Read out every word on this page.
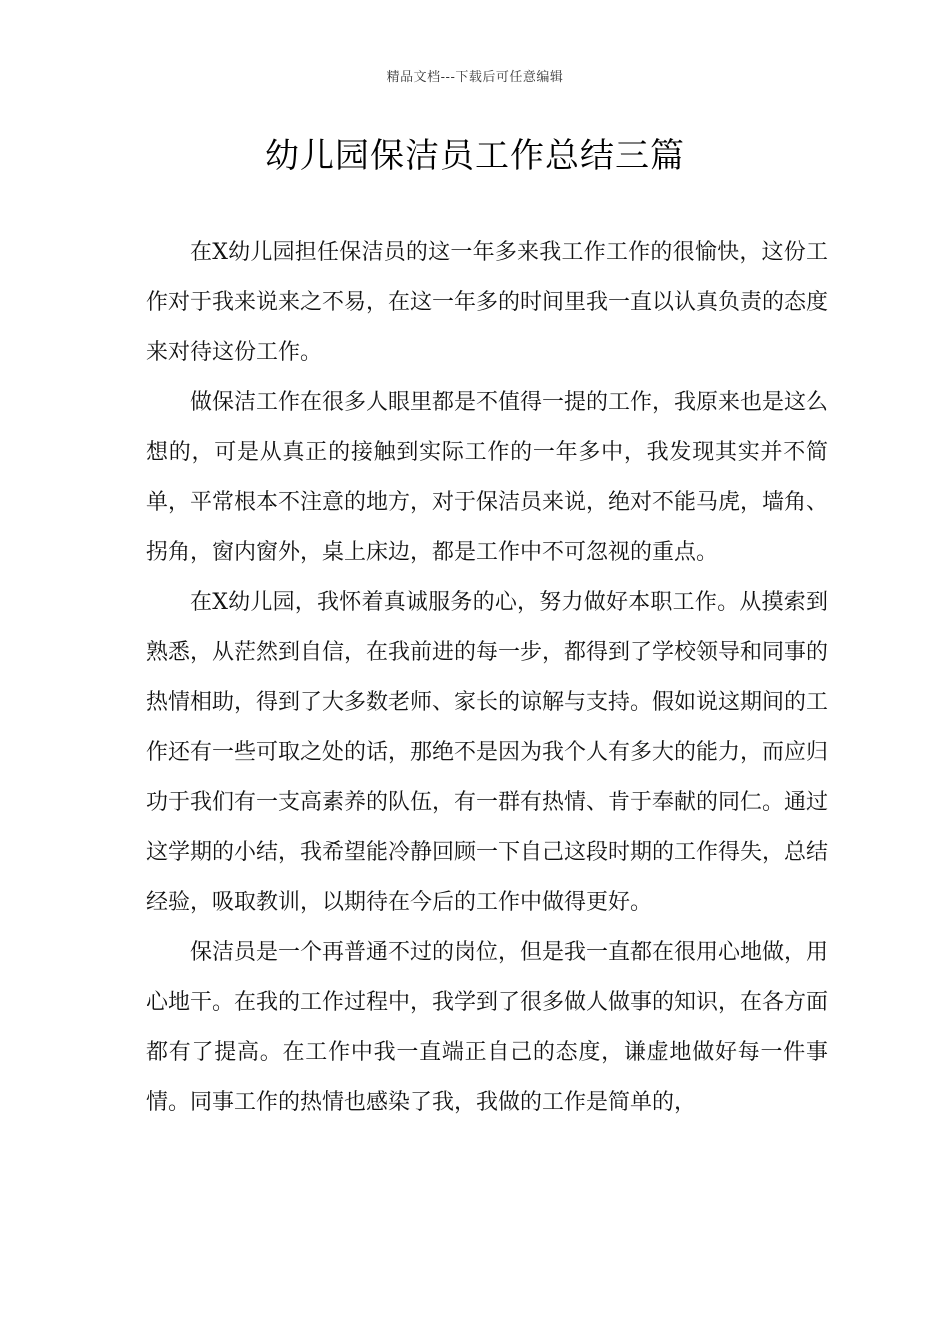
精品文档---下载后可任意编辑
幼儿园保洁员工作总结三篇

在X幼儿园担任保洁员的这一年多来我工作工作的很愉快，这份工作对于我来说来之不易，在这一年多的时间里我一直以认真负责的态度来对待这份工作。

做保洁工作在很多人眼里都是不值得一提的工作，我原来也是这么想的，可是从真正的接触到实际工作的一年多中，我发现其实并不简单，平常根本不注意的地方，对于保洁员来说，绝对不能马虎，墙角、拐角，窗内窗外，桌上床边，都是工作中不可忽视的重点。

在X幼儿园，我怀着真诚服务的心，努力做好本职工作。从摸索到熟悉，从茫然到自信，在我前进的每一步，都得到了学校领导和同事的热情相助，得到了大多数老师、家长的谅解与支持。假如说这期间的工作还有一些可取之处的话，那绝不是因为我个人有多大的能力，而应归功于我们有一支高素养的队伍，有一群有热情、肯于奉献的同仁。通过这学期的小结，我希望能冷静回顾一下自己这段时期的工作得失，总结经验，吸取教训，以期待在今后的工作中做得更好。

保洁员是一个再普通不过的岗位，但是我一直都在很用心地做，用心地干。在我的工作过程中，我学到了很多做人做事的知识，在各方面都有了提高。在工作中我一直端正自己的态度，谦虚地做好每一件事情。同事工作的热情也感染了我，我做的工作是简单的，
